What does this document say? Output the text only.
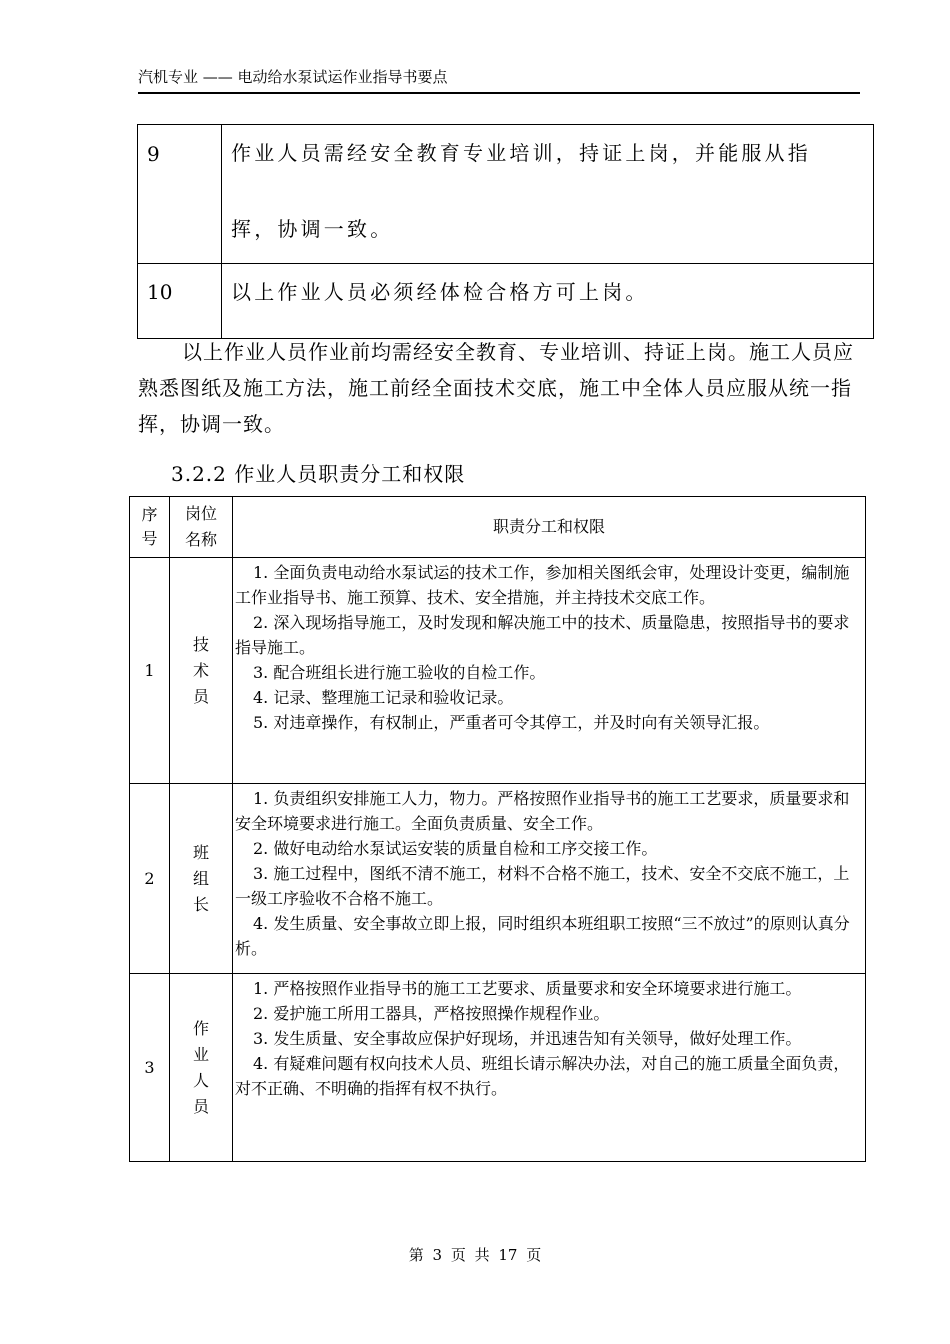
汽机专业 —— 电动给水泵试运作业指导书要点
9	作业人员需经安全教育专业培训，持证上岗，并能服从指
挥，协调一致。

10	以上作业人员必须经体检合格方可上岗。
以上作业人员作业前均需经安全教育、专业培训、持证上岗。施工人员应熟悉图纸及施工方法，施工前经全面技术交底，施工中全体人员应服从统一指挥，协调一致。
3.2.2 作业人员职责分工和权限
序
号	岗位
名称	职责分工和权限
1	技
术
员	1. 全面负责电动给水泵试运的技术工作，参加相关图纸会审，处理设计变更，编制施工作业指导书、施工预算、技术、安全措施，并主持技术交底工作。
2. 深入现场指导施工，及时发现和解决施工中的技术、质量隐患，按照指导书的要求指导施工。
3. 配合班组长进行施工验收的自检工作。
4. 记录、整理施工记录和验收记录。
5. 对违章操作，有权制止，严重者可令其停工，并及时向有关领导汇报。

2	班
组
长	1. 负责组织安排施工人力，物力。严格按照作业指导书的施工工艺要求，质量要求和安全环境要求进行施工。全面负责质量、安全工作。
2. 做好电动给水泵试运安装的质量自检和工序交接工作。
3. 施工过程中，图纸不清不施工，材料不合格不施工，技术、安全不交底不施工，上一级工序验收不合格不施工。
4. 发生质量、安全事故立即上报，同时组织本班组职工按照“三不放过”的原则认真分析。

3	作
业
人
员	1. 严格按照作业指导书的施工工艺要求、质量要求和安全环境要求进行施工。
2. 爱护施工所用工器具，严格按照操作规程作业。
3. 发生质量、安全事故应保护好现场，并迅速告知有关领导，做好处理工作。
4. 有疑难问题有权向技术人员、班组长请示解决办法，对自己的施工质量全面负责，对不正确、不明确的指挥有权不执行。
第 3 页 共 17 页
